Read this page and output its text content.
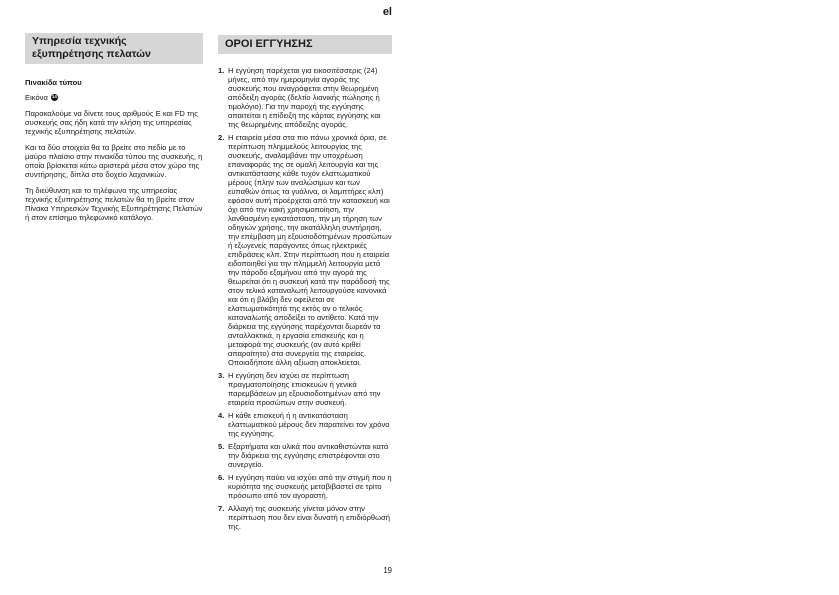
el
Υπηρεσία τεχνικής εξυπηρέτησης πελατών
Πινακίδα τύπου
Εικόνα 14
Παρακαλούμε να δίνετε τους αριθμούς E και FD της συσκευής σας ήδη κατά την κλήση της υπηρεσίας τεχνικής εξυπηρέτησης πελατών.
Και τα δύο στοιχεία θα τα βρείτε στο πεδίο με το μαύρο πλαίσιο στην πινακίδα τύπου της συσκευής, η οποία βρίσκεται κάτω αριστερά μέσα στον χώρο της συντήρησης, δίπλα στο δοχείο λαχανικών.
Τη διεύθυνση και το τηλέφωνο της υπηρεσίας τεχνικής εξυπηρέτησης πελατών θα τη βρείτε στον Πίνακα Υπηρεσιών Τεχνικής Εξυπηρέτησης Πελατών ή στον επίσημο τηλεφωνικό κατάλογο.
ΟΡΟΙ ΕΓΓΥΗΣΗΣ
1. Η εγγύηση παρέχεται για εικοσιτέσσερις (24) μήνες, από την ημερομηνία αγοράς της συσκευής που αναγράφεται στην θεωρημένη απόδειξη αγοράς (δελτίο λιανικής πώλησης ή τιμολόγιο). Για την παροχή της εγγύησης απαιτείται η επίδειξη της κάρτας εγγύησης και της θεωρημένης απόδειξης αγοράς.
2. Η εταιρεία μέσα στα πιο πάνω χρονικά όρια, σε περίπτωση πλημμελούς λειτουργίας της συσκευής, αναλαμβάνει την υποχρέωση επαναφοράς της σε ομαλή λειτουργία και της αντικατάστασης κάθε τυχόν ελαττωματικού μέρους (πλην των αναλώσιμων και των ευπαθών όπως τα γυάλινα, οι λαμπτήρες κλπ) εφόσον αυτή προέρχεται από την κατασκευή και όχι από την κακή χρησιμοποίηση, την λανθασμένη εγκατάσταση, την μη τήρηση των οδηγιών χρήσης, την ακατάλληλη συντήρηση, την επέμβαση μη εξουσιοδοτημένων προσώπων ή εξωγενείς παράγοντες όπως ηλεκτρικές επιδράσεις κλπ. Στην περίπτωση που η εταιρεία ειδοποιηθεί για την πλημμελή λειτουργία μετά την πάροδο εξαμήνου από την αγορά της θεωρείται ότι η συσκευή κατά την παράδοσή της στον τελικό καταναλωτή λειτουργούσε κανονικά και ότι η βλάβη δεν οφείλεται σε ελαττωματικότητά της εκτός αν ο τελικός καταναλωτής αποδείξει το αντίθετο. Κατά την διάρκεια της εγγύησης παρέχονται δωρεάν τα ανταλλακτικά, η εργασία επισκευής και η μεταφορά της συσκευής (αν αυτό κριθεί απαραίτητο) στα συνεργεία της εταιρείας. Οποιαδήποτε άλλη αξίωση αποκλείεται.
3. Η εγγύηση δεν ισχύει σε περίπτωση πραγματοποίησης επισκευών ή γενικά παρεμβάσεων μη εξουσιοδοτημένων από την εταιρεία προσώπων στην συσκευή.
4. Η κάθε επισκευή ή η αντικατάσταση ελαττωματικού μέρους δεν παρατείνει τον χρόνο της εγγύησης.
5. Εξαρτήματα και υλικά που αντικαθιστώνται κατά την διάρκεια της εγγύησης επιστρέφονται στο συνεργείο.
6. Η εγγύηση παύει να ισχύει από την στιγμή που η κυριότητα της συσκευής μεταβιβαστεί σε τρίτο πρόσωπο από τον αγοραστή.
7. Αλλαγή της συσκευής γίνεται μόνον στην περίπτωση που δεν είναι δυνατή η επιδιόρθωσή της.
19
